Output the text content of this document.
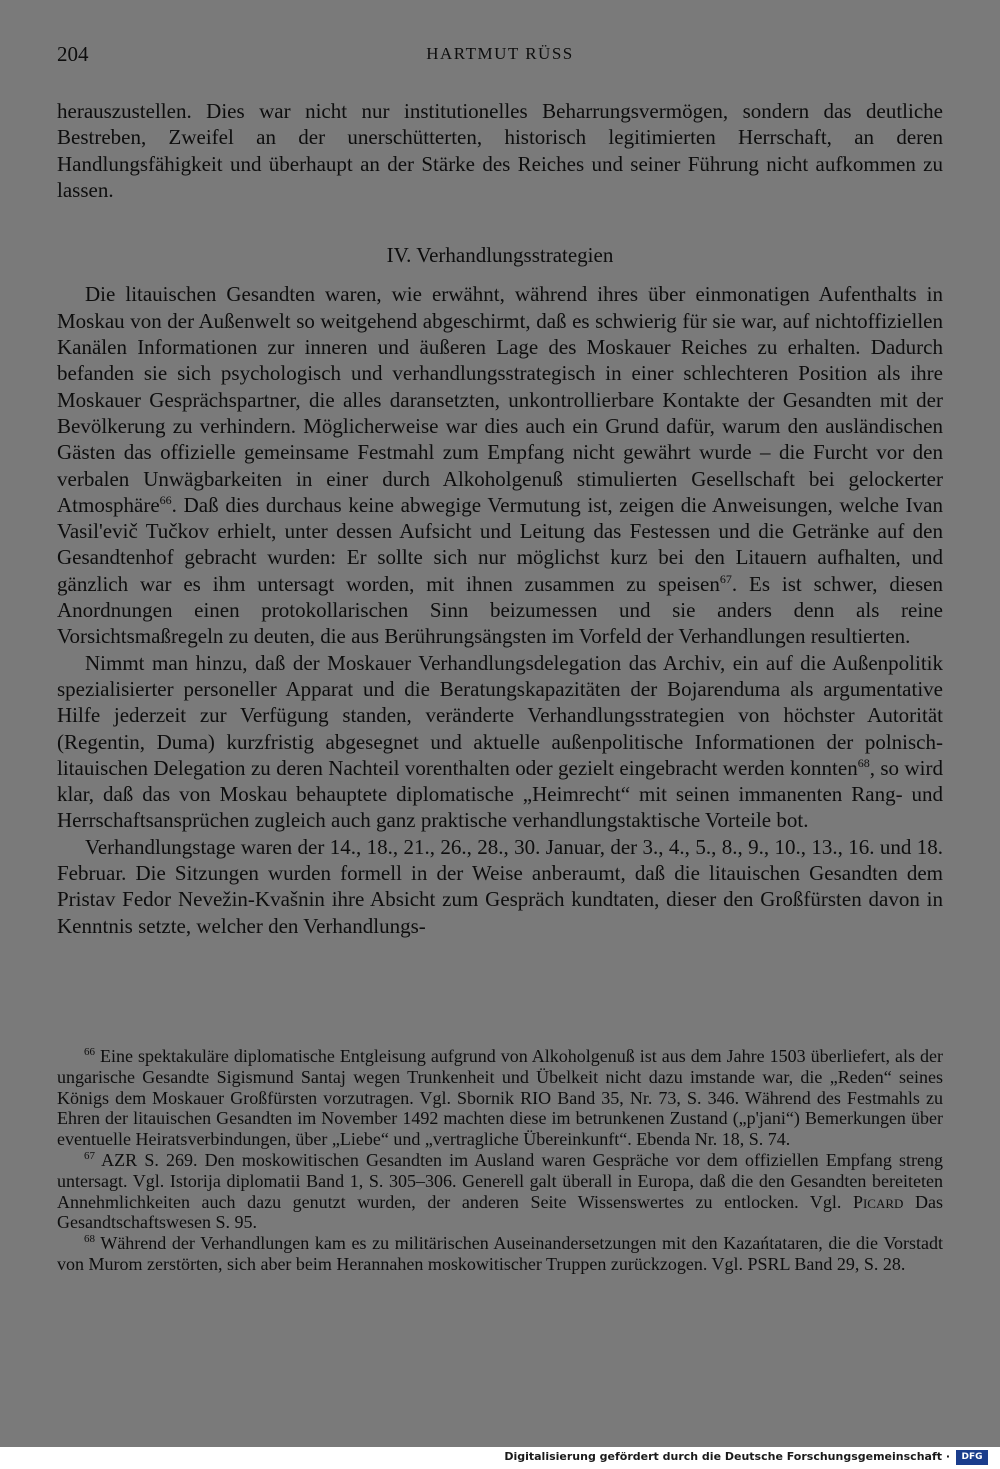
204	HARTMUT RÜSS

herauszustellen. Dies war nicht nur institutionelles Beharrungsvermögen, sondern das deutliche Bestreben, Zweifel an der unerschütterten, historisch legitimierten Herrschaft, an deren Handlungsfähigkeit und überhaupt an der Stärke des Reiches und seiner Führung nicht aufkommen zu lassen.

IV. Verhandlungsstrategien

Die litauischen Gesandten waren, wie erwähnt, während ihres über einmonatigen Aufenthalts in Moskau von der Außenwelt so weitgehend abgeschirmt, daß es schwierig für sie war, auf nichtoffiziellen Kanälen Informationen zur inneren und äußeren Lage des Moskauer Reiches zu erhalten. Dadurch befanden sie sich psychologisch und verhandlungsstrategisch in einer schlechteren Position als ihre Moskauer Gesprächspartner, die alles daransetzten, unkontrollierbare Kontakte der Gesandten mit der Bevölkerung zu verhindern. Möglicherweise war dies auch ein Grund dafür, warum den ausländischen Gästen das offizielle gemeinsame Festmahl zum Empfang nicht gewährt wurde – die Furcht vor den verbalen Unwägbarkeiten in einer durch Alkoholgenuß stimulierten Gesellschaft bei gelockerter Atmosphäre$^{66}$. Daß dies durchaus keine abwegige Vermutung ist, zeigen die Anweisungen, welche Ivan Vasil'evič Tučkov erhielt, unter dessen Aufsicht und Leitung das Festessen und die Getränke auf den Gesandtenhof gebracht wurden: Er sollte sich nur möglichst kurz bei den Litauern aufhalten, und gänzlich war es ihm untersagt worden, mit ihnen zusammen zu speisen$^{67}$. Es ist schwer, diesen Anordnungen einen protokollarischen Sinn beizumessen und sie anders denn als reine Vorsichtsmaßregeln zu deuten, die aus Berührungsängsten im Vorfeld der Verhandlungen resultierten.

Nimmt man hinzu, daß der Moskauer Verhandlungsdelegation das Archiv, ein auf die Außenpolitik spezialisierter personeller Apparat und die Beratungskapazitäten der Bojarenduma als argumentative Hilfe jederzeit zur Verfügung standen, veränderte Verhandlungsstrategien von höchster Autorität (Regentin, Duma) kurzfristig abgesegnet und aktuelle außenpolitische Informationen der polnisch-litauischen Delegation zu deren Nachteil vorenthalten oder gezielt eingebracht werden konnten$^{68}$, so wird klar, daß das von Moskau behauptete diplomatische „Heimrecht“ mit seinen immanenten Rang- und Herrschaftsansprüchen zugleich auch ganz praktische verhandlungstaktische Vorteile bot.

Verhandlungstage waren der 14., 18., 21., 26., 28., 30. Januar, der 3., 4., 5., 8., 9., 10., 13., 16. und 18. Februar. Die Sitzungen wurden formell in der Weise anberaumt, daß die litauischen Gesandten dem Pristav Fedor Nevežin-Kvašnin ihre Absicht zum Gespräch kundtaten, dieser den Großfürsten davon in Kenntnis setzte, welcher den Verhandlungs-

$^{66}$ Eine spektakuläre diplomatische Entgleisung aufgrund von Alkoholgenuß ist aus dem Jahre 1503 überliefert, als der ungarische Gesandte Sigismund Santaj wegen Trunkenheit und Übelkeit nicht dazu imstande war, die „Reden“ seines Königs dem Moskauer Großfürsten vorzutragen. Vgl. Sbornik RIO Band 35, Nr. 73, S. 346. Während des Festmahls zu Ehren der litauischen Gesandten im November 1492 machten diese im betrunkenen Zustand („p'jani“) Bemerkungen über eventuelle Heiratsverbindungen, über „Liebe“ und „vertragliche Übereinkunft“. Ebenda Nr. 18, S. 74.

$^{67}$ AZR S. 269. Den moskowitischen Gesandten im Ausland waren Gespräche vor dem offiziellen Empfang streng untersagt. Vgl. Istorija diplomatii Band 1, S. 305–306. Generell galt überall in Europa, daß die den Gesandten bereiteten Annehmlichkeiten auch dazu genutzt wurden, der anderen Seite Wissenswertes zu entlocken. Vgl. Picard Das Gesandtschaftswesen S. 95.

$^{68}$ Während der Verhandlungen kam es zu militärischen Auseinandersetzungen mit den Kazańtataren, die die Vorstadt von Murom zerstörten, sich aber beim Herannahen moskowitischer Truppen zurückzogen. Vgl. PSRL Band 29, S. 28.

Digitalisierung gefördert durch die Deutsche Forschungsgemeinschaft ·	DFG
